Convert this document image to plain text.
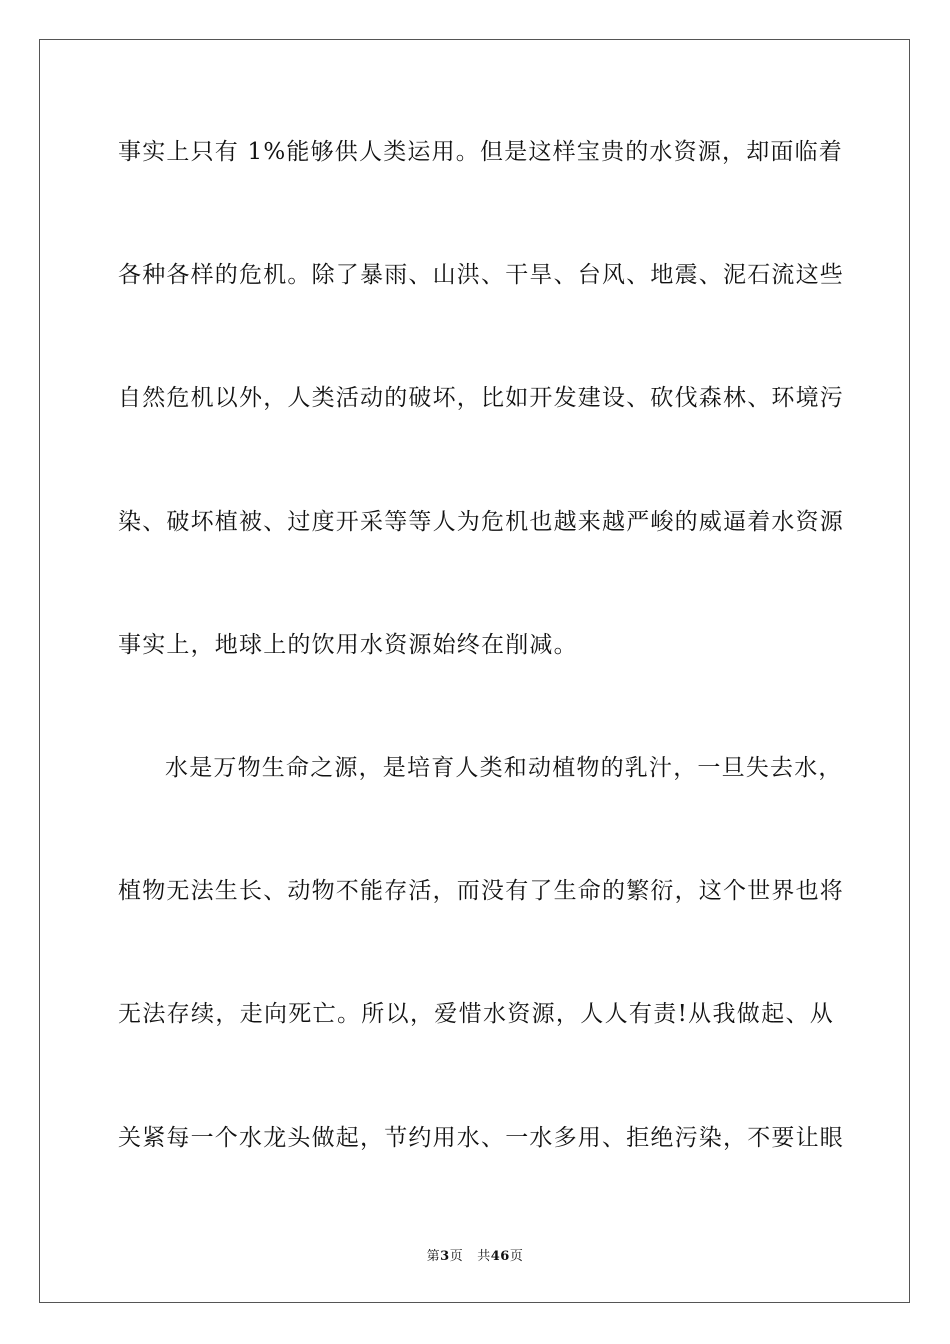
事实上只有 1%能够供人类运用。但是这样宝贵的水资源，却面临着
各种各样的危机。除了暴雨、山洪、干旱、台风、地震、泥石流这些
自然危机以外，人类活动的破坏，比如开发建设、砍伐森林、环境污
染、破坏植被、过度开采等等人为危机也越来越严峻的威逼着水资源
事实上，地球上的饮用水资源始终在削减。
水是万物生命之源，是培育人类和动植物的乳汁，一旦失去水，
植物无法生长、动物不能存活，而没有了生命的繁衍，这个世界也将
无法存续，走向死亡。所以，爱惜水资源，人人有责!从我做起、从
关紧每一个水龙头做起，节约用水、一水多用、拒绝污染，不要让眼
第3页 共46页
